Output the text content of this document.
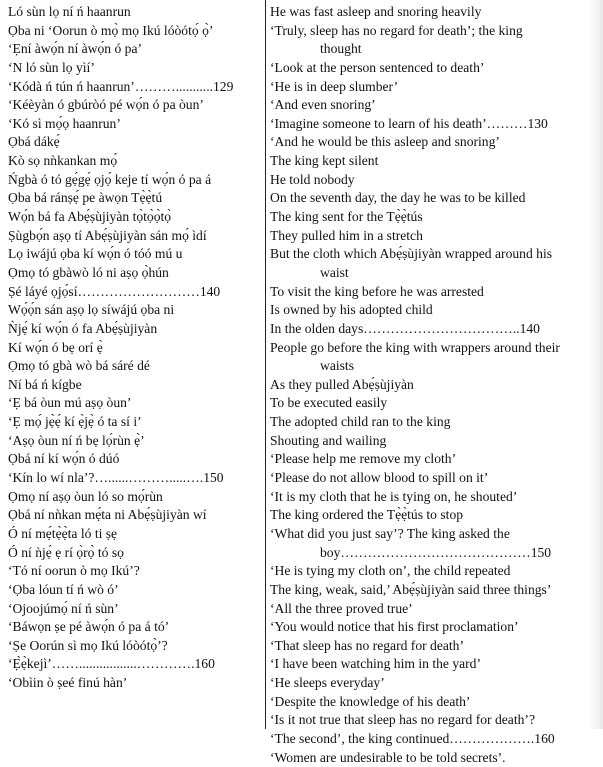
Ló sùn lọ ní ń haanrun
Ọba ni ‘Oorun ò mọ̀ mọ Ikú lóòótọ́ ọ̀’
‘Ẹní àwọ́n ní àwọ́n ó pa’
‘N ló sùn lọ yìí’
‘Kódà ń tún ń haanrun’………...........129
‘Kéèyàn ó gbúròó pé wọ́n ó pa òun’
‘Kó sì mọ́ọ haanrun’
Ọbá dákẹ́
Kò sọ nǹkankan mọ́
Ńgbà ó tó gẹ́gẹ́ ọjọ́ keje tí wọ́n ó pa á
Ọba bá ránṣẹ́ pe àwọn Tẹ̀ẹ̀tú
Wọ́n bá fa Abẹ́ṣùjiyàn tọ̀tọ̀ọ̀tọ̀
Ṣùgbọ́n aṣọ tí Abẹ́ṣùjiyàn sán mọ́ ìdí
Lọ iwájú ọba kí wọ́n ó tóó mú u
Ọmọ tó gbàwò ló ni aṣọ ọ̀hún
Ṣé láyé ọjọ́sí………………………140
Wọ́ọ́n sán aṣọ lọ síwájú ọba ni
Ǹjẹ́ kí wọ́n ó fa Abẹ́ṣùjiyàn
Kí wọ́n ó bẹ orí ẹ̀
Ọmọ tó gbà wò bá sáré dé
Ní bá ń kígbe
‘Ẹ bá òun mú aṣọ òun’
‘Ẹ mọ́ jẹ̀ẹ́ kí ẹ̀jẹ̀ ó ta sí i’
‘Aṣọ òun ní ń bẹ lọ́rùn ẹ̀’
Ọbá ní kí wọ́n ó dúó
‘Kín lo wí nla’?…......……….....….150
Ọmọ ní aṣọ òun ló so mọ́rùn
Ọbá ní nǹkan mẹ́ta ni Abẹ́ṣùjiyàn wí
Ó ní mẹ́tẹ̀ẹ̀ta ló ti ṣẹ
Ó ní ǹjẹ́ ẹ rí ọ̀rọ̀ tó sọ
‘Tó ní oorun ò mọ Ikú’?
‘Ọba lóun tí ń wò ó’
‘Ojoojúmọ́ ní ń sùn’
‘Báwọn ṣe pé àwọ́n ó pa á tó’
‘Ṣe Oorún sì mọ Ikú lóòótọ̀’?
‘Ẹ̀ẹ̀kejì’…….................………….160
‘Obìin ò ṣeé finú hàn’
He was fast asleep and snoring heavily
‘Truly, sleep has no regard for death’; the king
thought
‘Look at the person sentenced to death’
‘He is in deep slumber’
‘And even snoring’
‘Imagine someone to learn of his death’………130
‘And he would be this asleep and snoring’
The king kept silent
He told nobody
On the seventh day, the day he was to be killed
The king sent for the Tẹ̀ẹ̀tús
They pulled him in a stretch
But the cloth which Abẹ́ṣùjiyàn wrapped around his
waist
To visit the king before he was arrested
Is owned by his adopted child
In the olden days……………………………..140
People go before the king with wrappers around their
waists
As they pulled Abẹ́ṣùjiyàn
To be executed easily
The adopted child ran to the king
Shouting and wailing
‘Please help me remove my cloth’
‘Please do not allow blood to spill on it’
‘It is my cloth that he is tying on, he shouted’
The king ordered the Tẹ̀ẹ̀tús to stop
‘What did you just say’? The king asked the
boy……………………………………150
‘He is tying my cloth on’, the child repeated
The king, weak, said,’ Abẹ́ṣùjiyàn said three things’
‘All the three proved true’
‘You would notice that his first proclamation’
‘That sleep has no regard for death’
‘I have been watching him in the yard’
‘He sleeps everyday’
‘Despite the knowledge of his death’
‘Is it not true that sleep has no regard for death’?
‘The second’, the king continued……………….160
‘Women are undesirable to be told secrets’.
